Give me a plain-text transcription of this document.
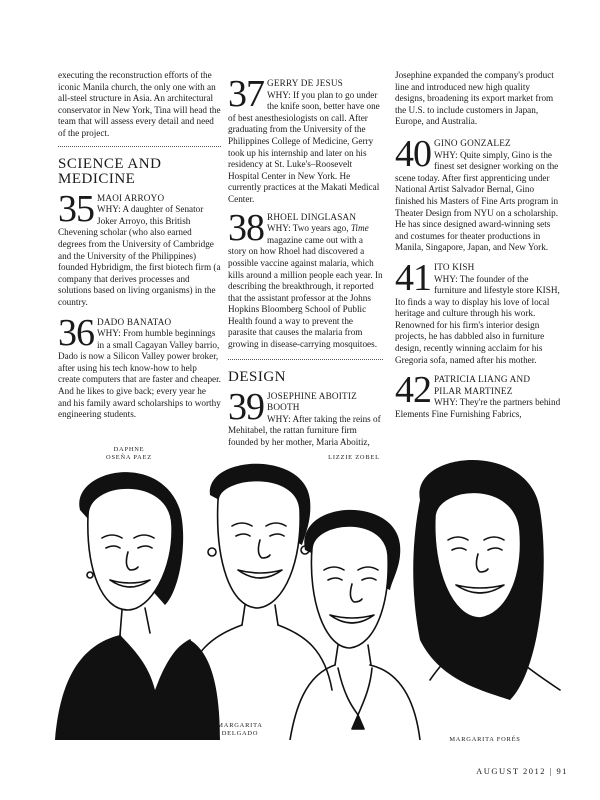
executing the reconstruction efforts of the iconic Manila church, the only one with an all-steel structure in Asia. An architectural conservator in New York, Tina will head the team that will assess every detail and need of the project.

SCIENCE AND
MEDICINE
35 MAOI ARROYO
WHY: A daughter of Senator Joker Arroyo, this British Chevening scholar (who also earned degrees from the University of Cambridge and the University of the Philippines) founded Hybridigm, the first biotech firm (a company that derives processes and solutions based on living organisms) in the country.
36 DADO BANATAO
WHY: From humble beginnings in a small Cagayan Valley barrio, Dado is now a Silicon Valley power broker, after using his tech know-how to help create computers that are faster and cheaper. And he likes to give back; every year he and his family award scholarships to worthy engineering students.
37 GERRY DE JESUS
WHY: If you plan to go under the knife soon, better have one of best anesthesiologists on call. After graduating from the University of the Philippines College of Medicine, Gerry took up his internship and later on his residency at St. Luke's–Roosevelt Hospital Center in New York. He currently practices at the Makati Medical Center.
38 RHOEL DINGLASAN
WHY: Two years ago, Time magazine came out with a story on how Rhoel had discovered a possible vaccine against malaria, which kills around a million people each year. In describing the breakthrough, it reported that the assistant professor at the Johns Hopkins Bloomberg School of Public Health found a way to prevent the parasite that causes the malaria from growing in disease-carrying mosquitoes.
DESIGN
39 JOSEPHINE ABOITIZ
BOOTH
WHY: After taking the reins of Mehitabel, the rattan furniture firm founded by her mother, Maria Aboitiz,

Josephine expanded the company's product line and introduced new high quality designs, broadening its export market from the U.S. to include customers in Japan, Europe, and Australia.

40 GINO GONZALEZ
WHY: Quite simply, Gino is the finest set designer working on the scene today. After first apprenticing under National Artist Salvador Bernal, Gino finished his Masters of Fine Arts program in Theater Design from NYU on a scholarship. He has since designed award-winning sets and costumes for theater productions in Manila, Singapore, Japan, and New York.
41 ITO KISH
WHY: The founder of the furniture and lifestyle store KISH, Ito finds a way to display his love of local heritage and culture through his work. Renowned for his firm's interior design projects, he has dabbled also in furniture design, recently winning acclaim for his Gregoria sofa, named after his mother.
42 PATRICIA LIANG AND
PILAR MARTINEZ
WHY: They're the partners behind Elements Fine Furnishing Fabrics,
DAPHNE
OSEÑA PAEZ	LIZZIE ZOBEL
MARGARITA
DELGADO
MARGARITA FORÉS
AUGUST 2012 | 91
